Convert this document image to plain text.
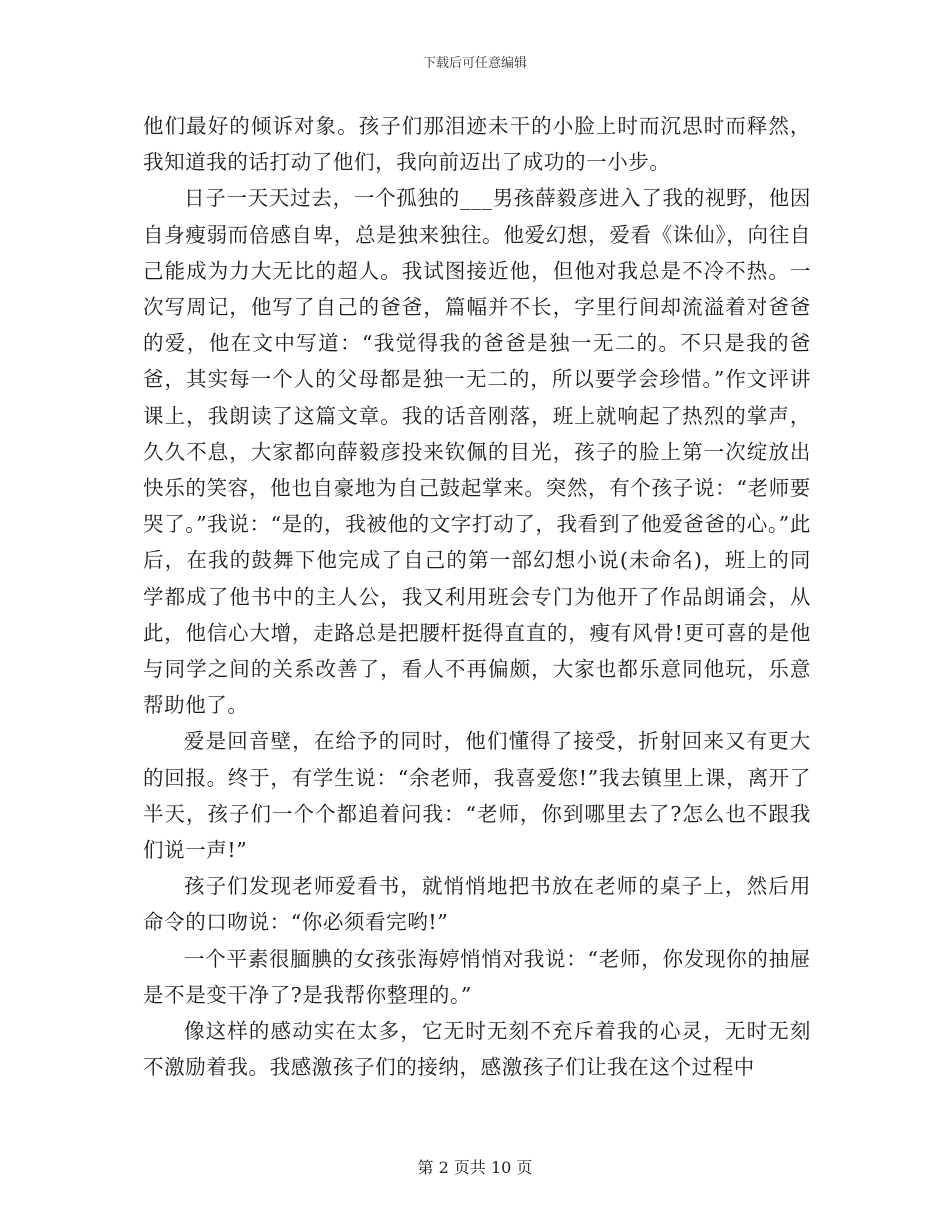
下载后可任意编辑

他们最好的倾诉对象。孩子们那泪迹未干的小脸上时而沉思时而释然，我知道我的话打动了他们，我向前迈出了成功的一小步。

日子一天天过去，一个孤独的___男孩薛毅彦进入了我的视野，他因自身瘦弱而倍感自卑，总是独来独往。他爱幻想，爱看《诛仙》，向往自己能成为力大无比的超人。我试图接近他，但他对我总是不冷不热。一次写周记，他写了自己的爸爸，篇幅并不长，字里行间却流溢着对爸爸的爱，他在文中写道：“我觉得我的爸爸是独一无二的。不只是我的爸爸，其实每一个人的父母都是独一无二的，所以要学会珍惜。”作文评讲课上，我朗读了这篇文章。我的话音刚落，班上就响起了热烈的掌声，久久不息，大家都向薛毅彦投来钦佩的目光，孩子的脸上第一次绽放出快乐的笑容，他也自豪地为自己鼓起掌来。突然，有个孩子说：“老师要哭了。”我说：“是的，我被他的文字打动了，我看到了他爱爸爸的心。”此后，在我的鼓舞下他完成了自己的第一部幻想小说(未命名)，班上的同学都成了他书中的主人公，我又利用班会专门为他开了作品朗诵会，从此，他信心大增，走路总是把腰杆挺得直直的，瘦有风骨!更可喜的是他与同学之间的关系改善了，看人不再偏颇，大家也都乐意同他玩，乐意帮助他了。

爱是回音壁，在给予的同时，他们懂得了接受，折射回来又有更大的回报。终于，有学生说：“余老师，我喜爱您!”我去镇里上课，离开了半天，孩子们一个个都追着问我：“老师，你到哪里去了?怎么也不跟我们说一声!”

孩子们发现老师爱看书，就悄悄地把书放在老师的桌子上，然后用命令的口吻说：“你必须看完哟!”

一个平素很腼腆的女孩张海婷悄悄对我说：“老师，你发现你的抽屉是不是变干净了?是我帮你整理的。”

像这样的感动实在太多，它无时无刻不充斥着我的心灵，无时无刻不激励着我。我感激孩子们的接纳，感激孩子们让我在这个过程中

第 2 页共 10 页
